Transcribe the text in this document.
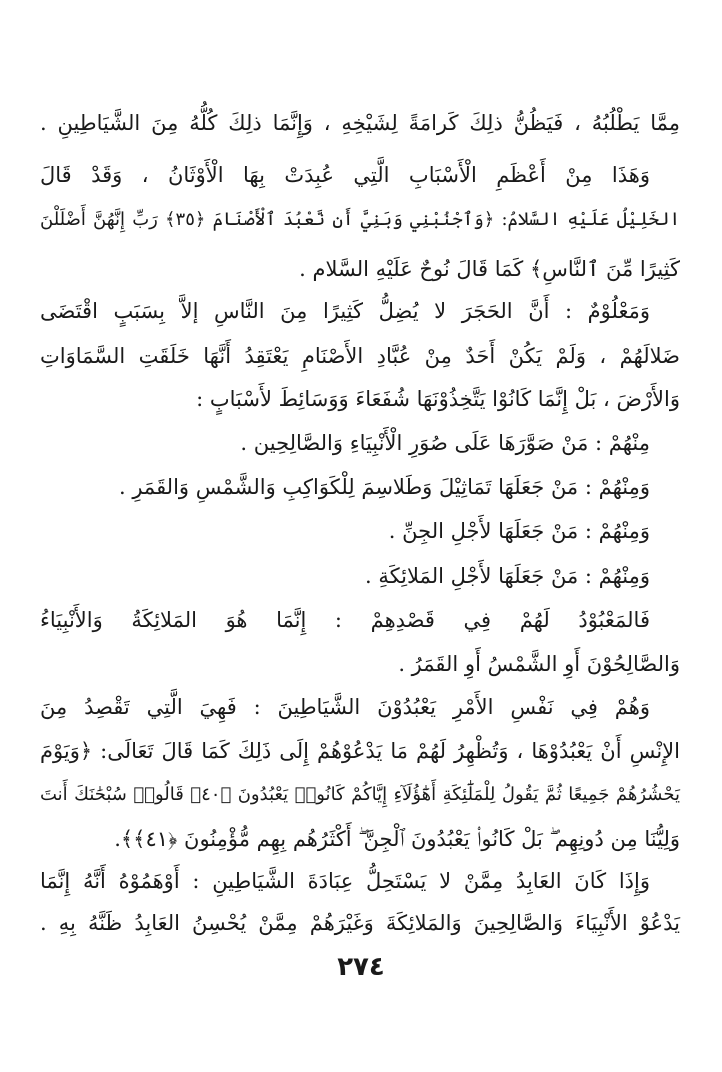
مِمَّا يَطْلُبُهُ ، فَيَظُنُّ ذلِكَ كَرامَةً لِشَيْخِهِ ، وَإِنَّمَا ذلِكَ كُلُّهُ مِنَ الشَّيَاطِينِ .
وَهَذَا مِنْ أَعْظَمِ الْأَسْبَابِ الَّتِي عُبِدَتْ بِهَا الْأَوْثَانُ ، وَقَدْ قَالَ
الخَلِيْلُ عَلَيْهِ السَّلامُ: ﴿وَٱجْنُبْنِي وَبَنِيَّ أَن نَّعْبُدَ ٱلْأَصْنَامَ ﴿٣٥﴾ رَبِّ إِنَّهُنَّ أَضْلَلْنَ
كَثِيرًا مِّنَ ٱلنَّاسِ﴾ كَمَا قَالَ نُوحٌ عَلَيْهِ السَّلام .
وَمَعْلُوْمٌ : أَنَّ الحَجَرَ لا يُضِلُّ كَثِيرًا مِنَ النَّاسِ إلاَّ بِسَبَبٍ اقْتَضَى
ضَلالَهُمْ ، وَلَمْ يَكُنْ أَحَدٌ مِنْ عُبَّادِ الأَصْنَامِ يَعْتَقِدُ أَنَّهَا خَلَقَتِ السَّمَاوَاتِ
وَالأَرْضَ ، بَلْ إِنَّمَا كَانُوْا يَتَّخِذُوْنَهَا شُفَعَاءَ وَوَسَائِطَ لأَسْبَابٍ :
مِنْهُمْ : مَنْ صَوَّرَهَا عَلَى صُوَرِ الْأَنْبِيَاءِ وَالصَّالِحِين .
وَمِنْهُمْ : مَنْ جَعَلَهَا تَمَاثِيْلَ وَطَلاسِمَ لِلْكَوَاكِبِ وَالشَّمْسِ وَالقَمَرِ .
وَمِنْهُمْ : مَنْ جَعَلَهَا لأَجْلِ الجِنِّ .
وَمِنْهُمْ : مَنْ جَعَلَهَا لأَجْلِ المَلائِكَةِ .
فَالمَعْبُوْدُ لَهُمْ فِي قَصْدِهِمْ : إِنَّمَا هُوَ المَلائِكَةُ وَالأَنْبِيَاءُ
وَالصَّالِحُوْنَ أَوِ الشَّمْسُ أَوِ القَمَرُ .
وَهُمْ فِي نَفْسِ الأَمْرِ يَعْبُدُوْنَ الشَّيَاطِينَ : فَهِيَ الَّتِي تَقْصِدُ مِنَ
الإِنْسِ أَنْ يَعْبُدُوْهَا ، وَتُظْهِرُ لَهُمْ مَا يَدْعُوْهُمْ إِلَى ذَلِكَ كَمَا قَالَ تَعَالَى: ﴿وَيَوْمَ
يَحْشُرُهُمْ جَمِيعًا ثُمَّ يَقُولُ لِلْمَلَٰٓئِكَةِ أَهَٰٓؤُلَآءِ إِيَّاكُمْ كَانُوا۟ يَعْبُدُونَ ﴿٤٠﴾ قَالُوا۟ سُبْحَٰنَكَ أَنتَ
وَلِيُّنَا مِن دُونِهِم ۖ بَلْ كَانُوا۟ يَعْبُدُونَ ٱلْجِنَّ ۖ أَكْثَرُهُم بِهِم مُّؤْمِنُونَ ﴿٤١﴾﴾.
وَإِذَا كَانَ العَابِدُ مِمَّنْ لا يَسْتَحِلُّ عِبَادَةَ الشَّيَاطِينِ : أَوْهَمُوْهُ أَنَّهُ إِنَّمَا
يَدْعُوْ الأَنْبِيَاءَ وَالصَّالِحِينَ وَالمَلائِكَةَ وَغَيْرَهُمْ مِمَّنْ يُحْسِنُ العَابِدُ ظَنَّهُ بِهِ .
٢٧٤
